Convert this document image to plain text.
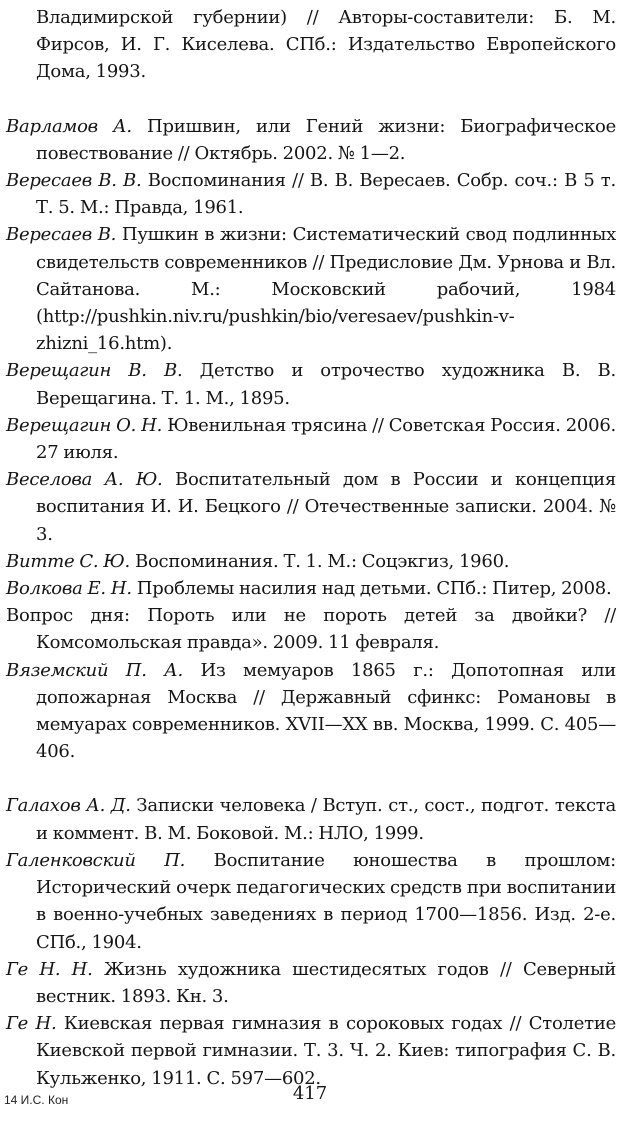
Владимирской губернии) // Авторы-составители: Б. М. Фирсов, И. Г. Киселева. СПб.: Издательство Европейского Дома, 1993.

Варламов А. Пришвин, или Гений жизни: Биографическое повествование // Октябрь. 2002. № 1—2.

Вересаев В. В. Воспоминания // В. В. Вересаев. Собр. соч.: В 5 т. Т. 5. М.: Правда, 1961.

Вересаев В. Пушкин в жизни: Систематический свод подлинных свидетельств современников // Предисловие Дм. Урнова и Вл. Сайтанова. М.: Московский рабочий, 1984 (http://pushkin.niv.ru/pushkin/bio/veresaev/pushkin-v-zhizni_16.htm).

Верещагин В. В. Детство и отрочество художника В. В. Верещагина. Т. 1. М., 1895.

Верещагин О. Н. Ювенильная трясина // Советская Россия. 2006. 27 июля.

Веселова А. Ю. Воспитательный дом в России и концепция воспитания И. И. Бецкого // Отечественные записки. 2004. № 3.

Витте С. Ю. Воспоминания. Т. 1. М.: Соцэкгиз, 1960.

Волкова Е. Н. Проблемы насилия над детьми. СПб.: Питер, 2008.

Вопрос дня: Пороть или не пороть детей за двойки? // Комсомольская правда». 2009. 11 февраля.

Вяземский П. А. Из мемуаров 1865 г.: Допотопная или допожарная Москва // Державный сфинкс: Романовы в мемуарах современников. XVII—XX вв. Москва, 1999. С. 405—406.

Галахов А. Д. Записки человека / Вступ. ст., сост., подгот. текста и коммент. В. М. Боковой. М.: НЛО, 1999.

Галенковский П. Воспитание юношества в прошлом: Исторический очерк педагогических средств при воспитании в военно-учебных заведениях в период 1700—1856. Изд. 2-е. СПб., 1904.

Ге Н. Н. Жизнь художника шестидесятых годов // Северный вестник. 1893. Кн. 3.

Ге Н. Киевская первая гимназия в сороковых годах // Столетие Киевской первой гимназии. Т. 3. Ч. 2. Киев: типография С. В. Кульженко, 1911. С. 597—602.

14 И.С. Кон	417
